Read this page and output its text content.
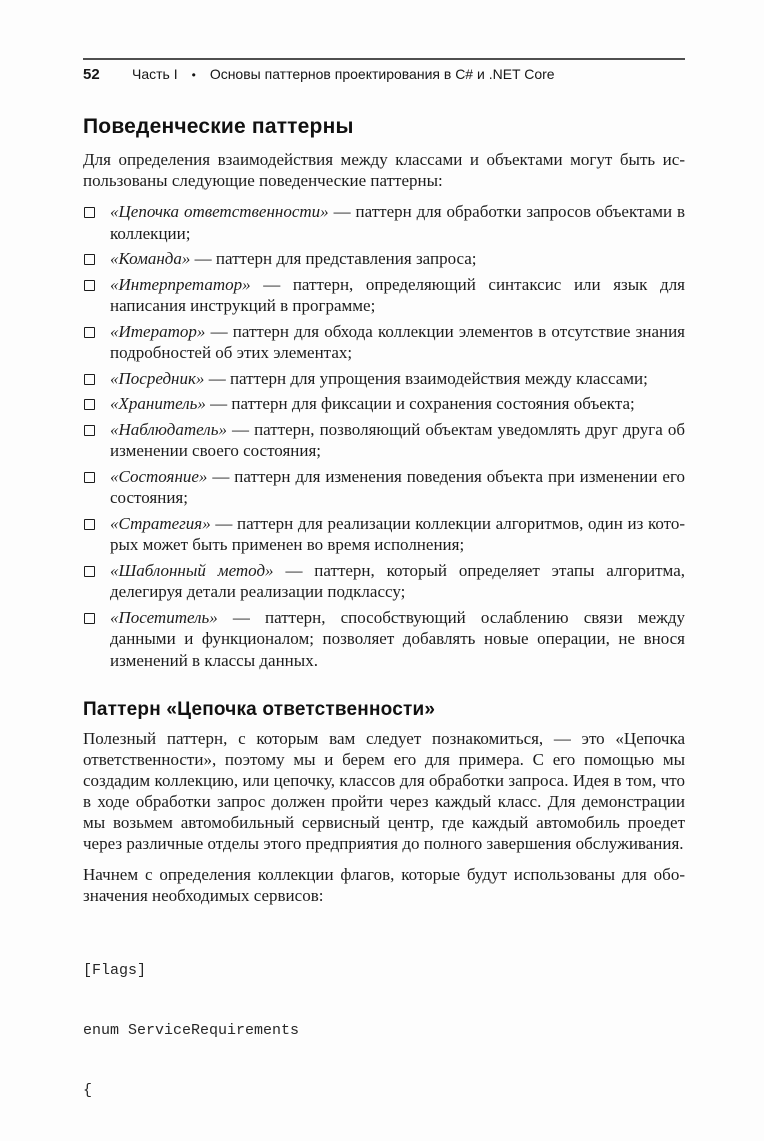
52	Часть I • Основы паттернов проектирования в C# и .NET Core
Поведенческие паттерны

Для определения взаимодействия между классами и объектами могут быть использованы следующие поведенческие паттерны:

«Цепочка ответственности» — паттерн для обработки запросов объектами в коллекции;
«Команда» — паттерн для представления запроса;
«Интерпретатор» — паттерн, определяющий синтаксис или язык для написания инструкций в программе;
«Итератор» — паттерн для обхода коллекции элементов в отсутствие знания подробностей об этих элементах;
«Посредник» — паттерн для упрощения взаимодействия между классами;
«Хранитель» — паттерн для фиксации и сохранения состояния объекта;
«Наблюдатель» — паттерн, позволяющий объектам уведомлять друг друга об изменении своего состояния;
«Состояние» — паттерн для изменения поведения объекта при изменении его состояния;
«Стратегия» — паттерн для реализации коллекции алгоритмов, один из которых может быть применен во время исполнения;
«Шаблонный метод» — паттерн, который определяет этапы алгоритма, делегируя детали реализации подклассу;
«Посетитель» — паттерн, способствующий ослаблению связи между данными и функционалом; позволяет добавлять новые операции, не внося изменений в классы данных.
Паттерн «Цепочка ответственности»

Полезный паттерн, с которым вам следует познакомиться, — это «Цепочка ответственности», поэтому мы и берем его для примера. С его помощью мы создадим коллекцию, или цепочку, классов для обработки запроса. Идея в том, что в ходе обработки запрос должен пройти через каждый класс. Для демонстрации мы возьмем автомобильный сервисный центр, где каждый автомобиль проедет через различные отделы этого предприятия до полного завершения обслуживания.

Начнем с определения коллекции флагов, которые будут использованы для обозначения необходимых сервисов:

[Flags]

enum ServiceRequirements

{
